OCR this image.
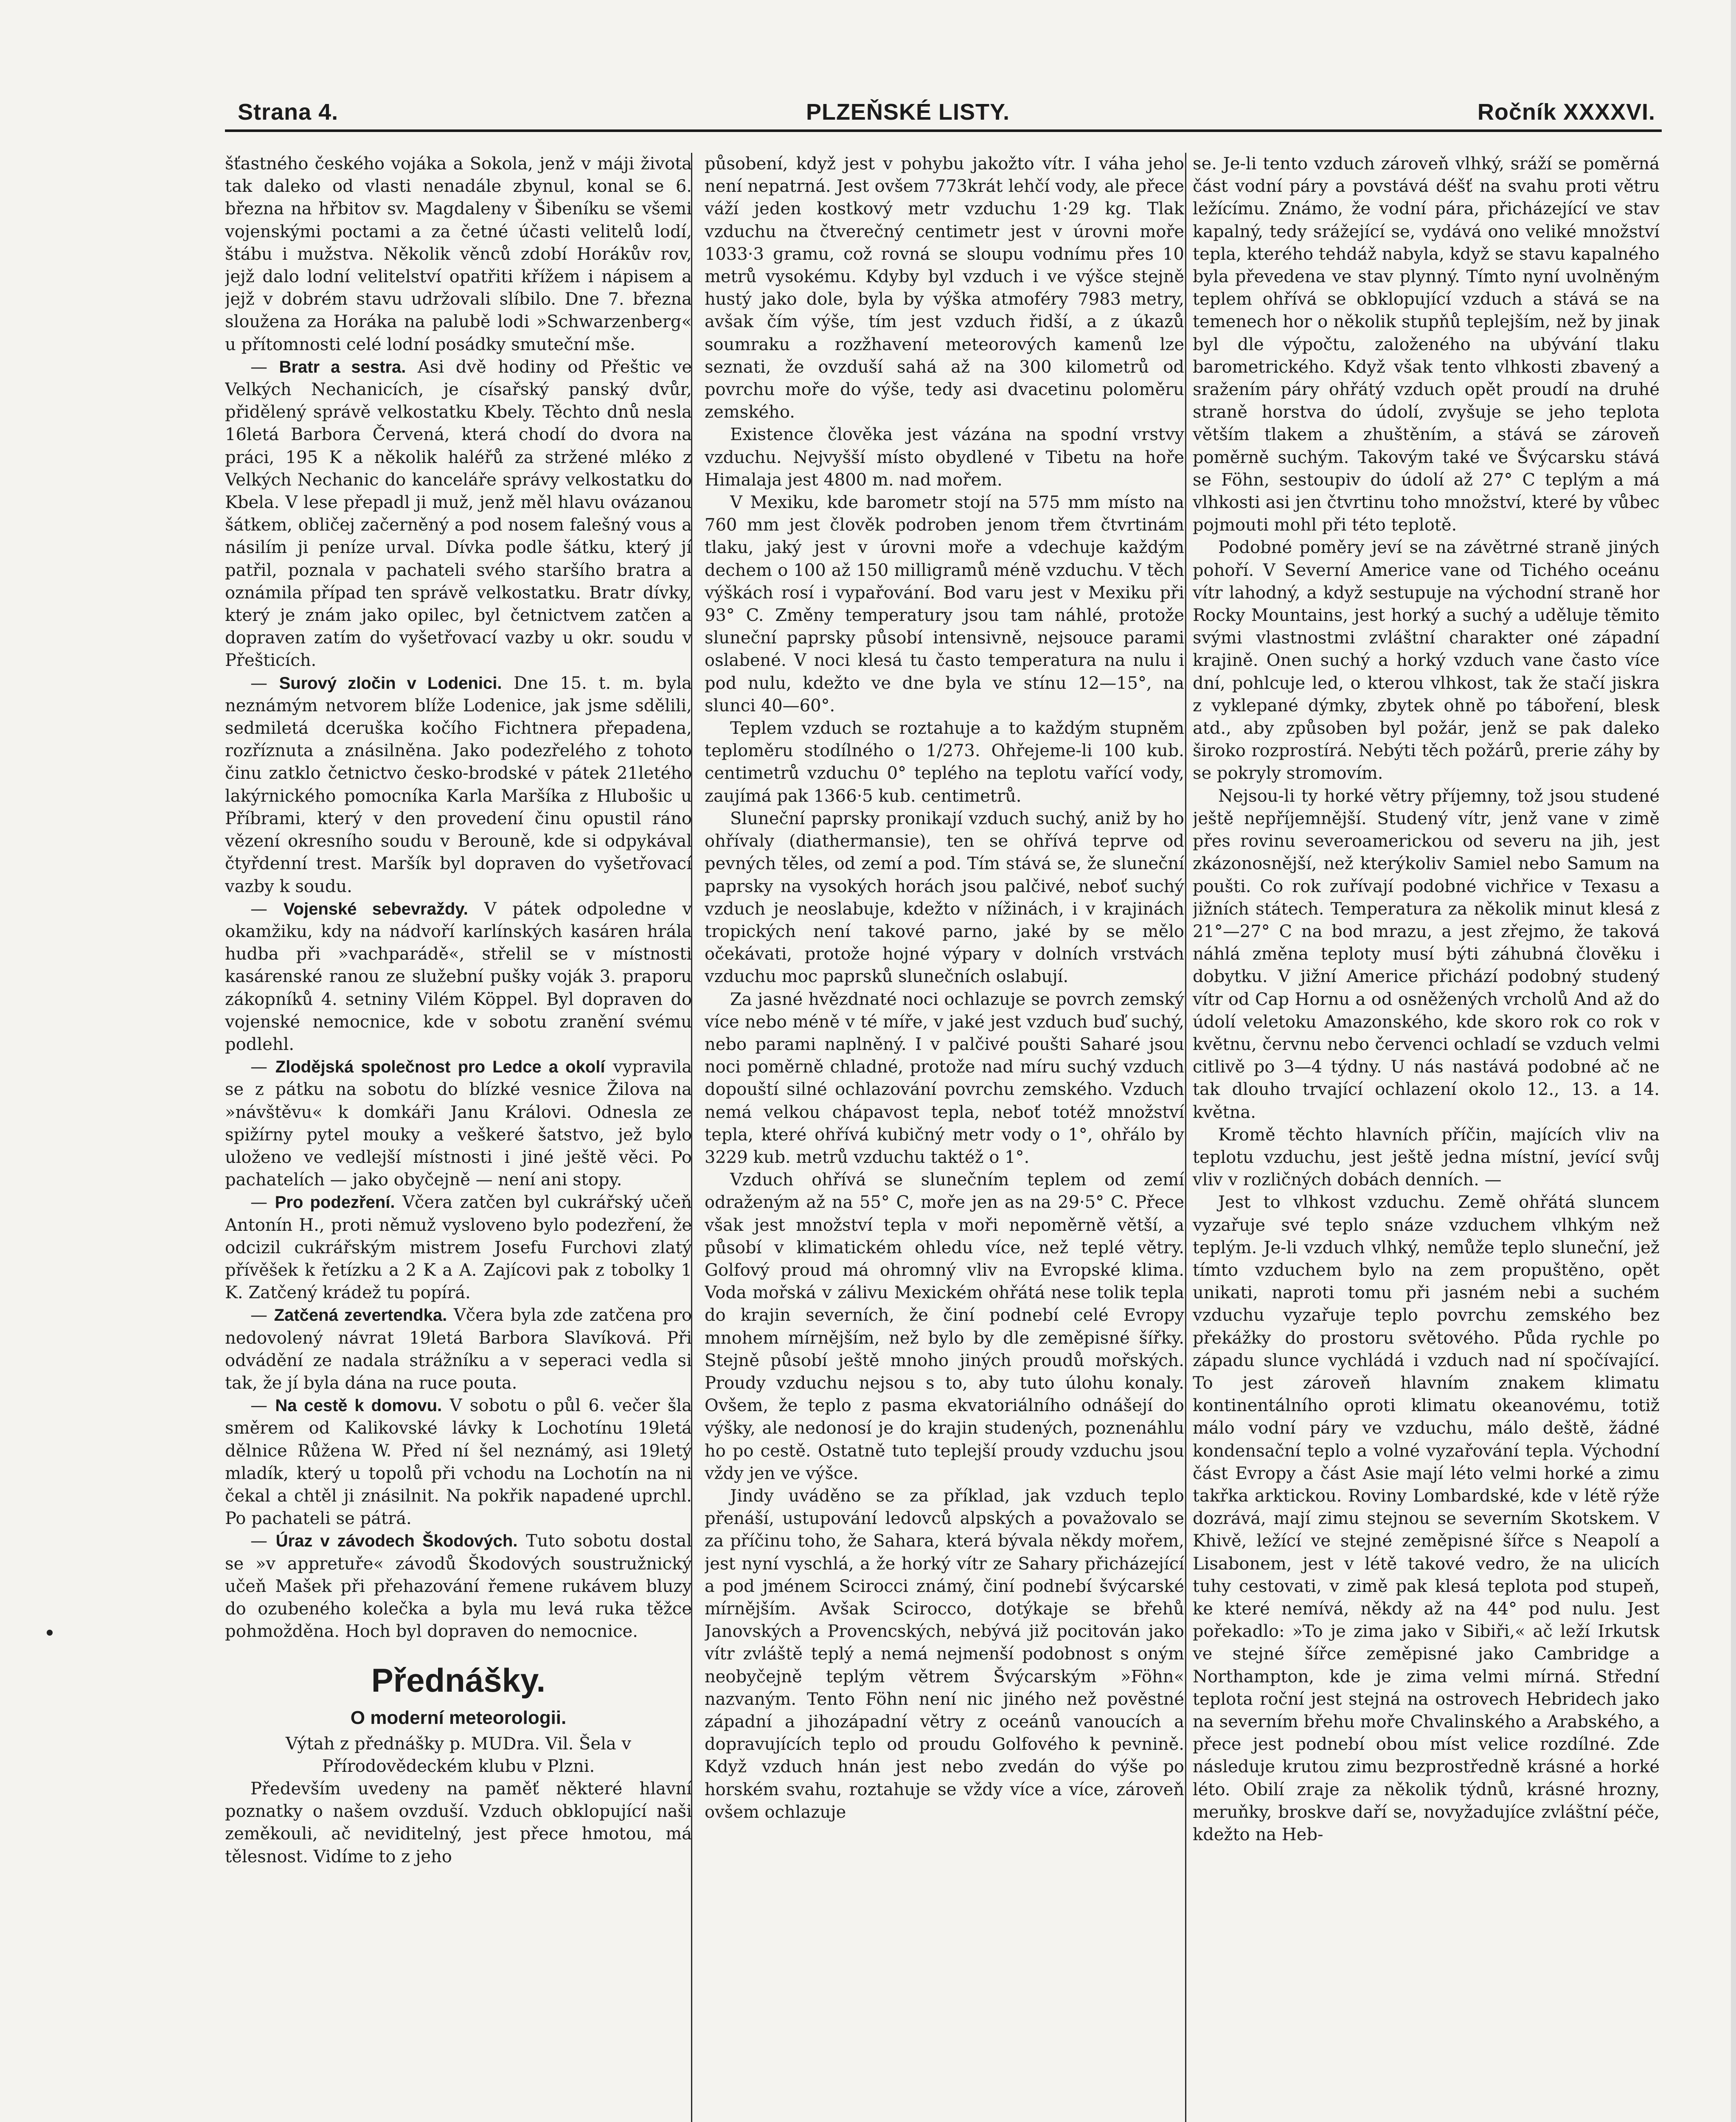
Strana 4.	PLZEŇSKÉ LISTY.	Ročník XXXXVI.

šťastného českého vojáka a Sokola, jenž v máji života tak daleko od vlasti nenadále zbynul, konal se 6. března na hřbitov sv. Magdaleny v Šibeníku se všemi vojenskými poctami a za četné účasti velitelů lodí, štábu i mužstva. Několik věnců zdobí Horákův rov, jejž dalo lodní velitelství opatřiti křížem i nápisem a jejž v dobrém stavu udržovali slíbilo. Dne 7. března sloužena za Horáka na palubě lodi »Schwarzenberg« u přítomnosti celé lodní posádky smuteční mše.

— Bratr a sestra. Asi dvě hodiny od Přeštic ve Velkých Nechanicích, je císařský panský dvůr, přidělený správě velkostatku Kbely. Těchto dnů nesla 16letá Barbora Červená, která chodí do dvora na práci, 195 K a několik haléřů za stržené mléko z Velkých Nechanic do kanceláře správy velkostatku do Kbela. V lese přepadl ji muž, jenž měl hlavu ovázanou šátkem, obličej začerněný a pod nosem falešný vous a násilím ji peníze urval. Dívka podle šátku, který jí patřil, poznala v pachateli svého staršího bratra a oznámila případ ten správě velkostatku. Bratr dívky, který je znám jako opilec, byl četnictvem zatčen a dopraven zatím do vyšetřovací vazby u okr. soudu v Přešticích.

— Surový zločin v Lodenici. Dne 15. t. m. byla neznámým netvorem blíže Lodenice, jak jsme sdělili, sedmiletá dceruška kočího Fichtnera přepadena, rozříznuta a znásilněna. Jako podezřelého z tohoto činu zatklo četnictvo česko-brodské v pátek 21letého lakýrnického pomocníka Karla Maršíka z Hlubošic u Příbrami, který v den provedení činu opustil ráno vězení okresního soudu v Berouně, kde si odpykával čtyřdenní trest. Maršík byl dopraven do vyšetřovací vazby k soudu.

— Vojenské sebevraždy. V pátek odpoledne v okamžiku, kdy na nádvoří karlínských kasáren hrála hudba při »vachparádě«, střelil se v místnosti kasárenské ranou ze služební pušky voják 3. praporu zákopníků 4. setniny Vilém Köppel. Byl dopraven do vojenské nemocnice, kde v sobotu zranění svému podlehl.

— Zlodějská společnost pro Ledce a okolí vypravila se z pátku na sobotu do blízké vesnice Žilova na »návštěvu« k domkáři Janu Královi. Odnesla ze spižírny pytel mouky a veškeré šatstvo, jež bylo uloženo ve vedlejší místnosti i jiné ještě věci. Po pachatelích — jako obyčejně — není ani stopy.

— Pro podezření. Včera zatčen byl cukrářský učeň Antonín H., proti němuž vysloveno bylo podezření, že odcizil cukrářským mistrem Josefu Furchovi zlatý přívěšek k řetízku a 2 K a A. Zajícovi pak z tobolky 1 K. Zatčený krádež tu popírá.

— Zatčená zevertendka. Včera byla zde zatčena pro nedovolený návrat 19letá Barbora Slavíková. Při odvádění ze nadala strážníku a v seperaci vedla si tak, že jí byla dána na ruce pouta.

— Na cestě k domovu. V sobotu o půl 6. večer šla směrem od Kalikovské lávky k Lochotínu 19letá dělnice Růžena W. Před ní šel neznámý, asi 19letý mladík, který u topolů při vchodu na Lochotín na ni čekal a chtěl ji znásilnit. Na pokřik napadené uprchl. Po pachateli se pátrá.

— Úraz v závodech Škodových. Tuto sobotu dostal se »v appretuře« závodů Škodových soustružnický učeň Mašek při přehazování řemene rukávem bluzy do ozubeného kolečka a byla mu levá ruka těžce pohmožděna. Hoch byl dopraven do nemocnice.

Přednášky.
O moderní meteorologii.

Výtah z přednášky p. MUDra. Vil. Šela v Přírodovědeckém klubu v Plzni.

Především uvedeny na paměť některé hlavní poznatky o našem ovzduší. Vzduch obklopující naši zeměkouli, ač neviditelný, jest přece hmotou, má tělesnost. Vidíme to z jeho

působení, když jest v pohybu jakožto vítr. I váha jeho není nepatrná. Jest ovšem 773krát lehčí vody, ale přece váží jeden kostkový metr vzduchu 1·29 kg. Tlak vzduchu na čtverečný centimetr jest v úrovni moře 1033·3 gramu, což rovná se sloupu vodnímu přes 10 metrů vysokému. Kdyby byl vzduch i ve výšce stejně hustý jako dole, byla by výška atmoféry 7983 metry, avšak čím výše, tím jest vzduch řidší, a z úkazů soumraku a rozžhavení meteorových kamenů lze seznati, že ovzduší sahá až na 300 kilometrů od povrchu moře do výše, tedy asi dvacetinu poloměru zemského.

Existence člověka jest vázána na spodní vrstvy vzduchu. Nejvyšší místo obydlené v Tibetu na hoře Himalaja jest 4800 m. nad mořem.

V Mexiku, kde barometr stojí na 575 mm místo na 760 mm jest člověk podroben jenom třem čtvrtinám tlaku, jaký jest v úrovni moře a vdechuje každým dechem o 100 až 150 milligramů méně vzduchu. V těch výškách rosí i vypařování. Bod varu jest v Mexiku při 93° C. Změny temperatury jsou tam náhlé, protože sluneční paprsky působí intensivně, nejsouce parami oslabené. V noci klesá tu často temperatura na nulu i pod nulu, kdežto ve dne byla ve stínu 12—15°, na slunci 40—60°.

Teplem vzduch se roztahuje a to každým stupněm teploměru stodílného o 1/273. Ohřejeme-li 100 kub. centimetrů vzduchu 0° teplého na teplotu vařící vody, zaujímá pak 1366·5 kub. centimetrů.

Sluneční paprsky pronikají vzduch suchý, aniž by ho ohřívaly (diathermansie), ten se ohřívá teprve od pevných těles, od zemí a pod. Tím stává se, že sluneční paprsky na vysokých horách jsou palčivé, neboť suchý vzduch je neoslabuje, kdežto v nížinách, i v krajinách tropických není takové parno, jaké by se mělo očekávati, protože hojné výpary v dolních vrstvách vzduchu moc paprsků slunečních oslabují.

Za jasné hvězdnaté noci ochlazuje se povrch zemský více nebo méně v té míře, v jaké jest vzduch buď suchý, nebo parami naplněný. I v palčivé poušti Saharé jsou noci poměrně chladné, protože nad míru suchý vzduch dopouští silné ochlazování povrchu zemského. Vzduch nemá velkou chápavost tepla, neboť totéž množství tepla, které ohřívá kubičný metr vody o 1°, ohřálo by 3229 kub. metrů vzduchu taktéž o 1°.

Vzduch ohřívá se slunečním teplem od zemí odraženým až na 55° C, moře jen as na 29·5° C. Přece však jest množství tepla v moři nepoměrně větší, a působí v klimatickém ohledu více, než teplé větry. Golfový proud má ohromný vliv na Evropské klima. Voda mořská v zálivu Mexickém ohřátá nese tolik tepla do krajin severních, že činí podnebí celé Evropy mnohem mírnějším, než bylo by dle zeměpisné šířky. Stejně působí ještě mnoho jiných proudů mořských. Proudy vzduchu nejsou s to, aby tuto úlohu konaly. Ovšem, že teplo z pasma ekvatoriálního odnášejí do výšky, ale nedonosí je do krajin studených, poznenáhlu ho po cestě. Ostatně tuto teplejší proudy vzduchu jsou vždy jen ve výšce.

Jindy uváděno se za příklad, jak vzduch teplo přenáší, ustupování ledovců alpských a považovalo se za příčinu toho, že Sahara, která bývala někdy mořem, jest nyní vyschlá, a že horký vítr ze Sahary přicházející a pod jménem Scirocci známý, činí podnebí švýcarské mírnějším. Avšak Scirocco, dotýkaje se břehů Janovských a Provencských, nebývá již pocitován jako vítr zvláště teplý a nemá nejmenší podobnost s oným neobyčejně teplým větrem Švýcarským »Föhn« nazvaným. Tento Föhn není nic jiného než pověstné západní a jihozápadní větry z oceánů vanoucích a dopravujících teplo od proudu Golfového k pevnině. Když vzduch hnán jest nebo zvedán do výše po horském svahu, roztahuje se vždy více a více, zároveň ovšem ochlazuje

se. Je-li tento vzduch zároveň vlhký, sráží se poměrná část vodní páry a povstává déšť na svahu proti větru ležícímu. Známo, že vodní pára, přicházející ve stav kapalný, tedy srážející se, vydává ono veliké množství tepla, kterého tehdáž nabyla, když se stavu kapalného byla převedena ve stav plynný. Tímto nyní uvolněným teplem ohřívá se obklopující vzduch a stává se na temenech hor o několik stupňů teplejším, než by jinak byl dle výpočtu, založeného na ubývání tlaku barometrického. Když však tento vlhkosti zbavený a sražením páry ohřátý vzduch opět proudí na druhé straně horstva do údolí, zvyšuje se jeho teplota větším tlakem a zhuštěním, a stává se zároveň poměrně suchým. Takovým také ve Švýcarsku stává se Föhn, sestoupiv do údolí až 27° C teplým a má vlhkosti asi jen čtvrtinu toho množství, které by vůbec pojmouti mohl při této teplotě.

Podobné poměry jeví se na závětrné straně jiných pohoří. V Severní Americe vane od Tichého oceánu vítr lahodný, a když sestupuje na východní straně hor Rocky Mountains, jest horký a suchý a uděluje těmito svými vlastnostmi zvláštní charakter oné západní krajině. Onen suchý a horký vzduch vane často více dní, pohlcuje led, o kterou vlhkost, tak že stačí jiskra z vyklepané dýmky, zbytek ohně po táboření, blesk atd., aby způsoben byl požár, jenž se pak daleko široko rozprostírá. Nebýti těch požárů, prerie záhy by se pokryly stromovím.

Nejsou-li ty horké větry příjemny, tož jsou studené ještě nepříjemnější. Studený vítr, jenž vane v zimě přes rovinu severoamerickou od severu na jih, jest zkázonosnější, než kterýkoliv Samiel nebo Samum na poušti. Co rok zuřívají podobné vichřice v Texasu a jižních státech. Temperatura za několik minut klesá z 21°—27° C na bod mrazu, a jest zřejmo, že taková náhlá změna teploty musí býti záhubná člověku i dobytku. V jižní Americe přichází podobný studený vítr od Cap Hornu a od osněžených vrcholů And až do údolí veletoku Amazonského, kde skoro rok co rok v květnu, červnu nebo červenci ochladí se vzduch velmi citlivě po 3—4 týdny. U nás nastává podobné ač ne tak dlouho trvající ochlazení okolo 12., 13. a 14. května.

Kromě těchto hlavních příčin, majících vliv na teplotu vzduchu, jest ještě jedna místní, jevící svůj vliv v rozličných dobách denních. —

Jest to vlhkost vzduchu. Země ohřátá sluncem vyzařuje své teplo snáze vzduchem vlhkým než teplým. Je-li vzduch vlhký, nemůže teplo sluneční, jež tímto vzduchem bylo na zem propuštěno, opět unikati, naproti tomu při jasném nebi a suchém vzduchu vyzařuje teplo povrchu zemského bez překážky do prostoru světového. Půda rychle po západu slunce vychládá i vzduch nad ní spočívající. To jest zároveň hlavním znakem klimatu kontinentálního oproti klimatu okeanovému, totiž málo vodní páry ve vzduchu, málo deště, žádné kondensační teplo a volné vyzařování tepla. Východní část Evropy a část Asie mají léto velmi horké a zimu takřka arktickou. Roviny Lombardské, kde v létě rýže dozrává, mají zimu stejnou se severním Skotskem. V Khivě, ležící ve stejné zeměpisné šířce s Neapolí a Lisabonem, jest v létě takové vedro, že na ulicích tuhy cestovati, v zimě pak klesá teplota pod stupeň, ke které nemívá, někdy až na 44° pod nulu. Jest pořekadlo: »To je zima jako v Sibiři,« ač leží Irkutsk ve stejné šířce zeměpisné jako Cambridge a Northampton, kde je zima velmi mírná. Střední teplota roční jest stejná na ostrovech Hebridech jako na severním břehu moře Chvalinského a Arabského, a přece jest podnebí obou míst velice rozdílné. Zde následuje krutou zimu bezprostředně krásné a horké léto. Obilí zraje za několik týdnů, krásné hrozny, meruňky, broskve daří se, novyžadujíce zvláštní péče, kdežto na Heb-
